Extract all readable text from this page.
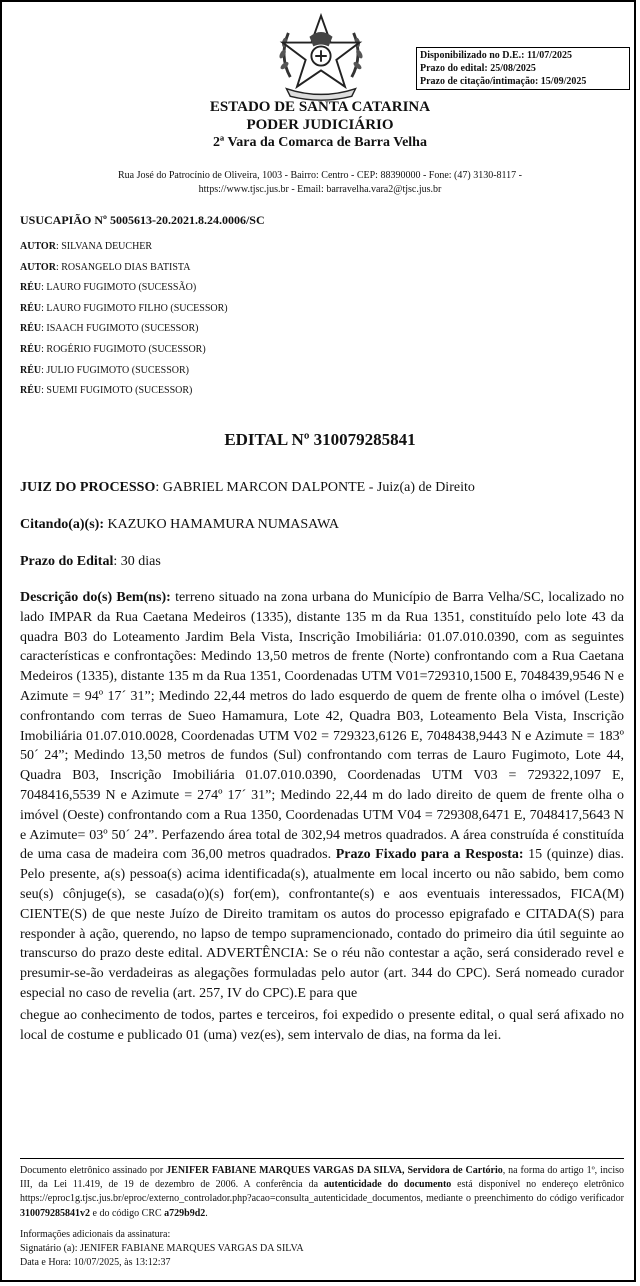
Disponibilizado no D.E.: 11/07/2025
Prazo do edital: 25/08/2025
Prazo de citação/intimação: 15/09/2025
ESTADO DE SANTA CATARINA
PODER JUDICIÁRIO
2ª Vara da Comarca de Barra Velha
Rua José do Patrocínio de Oliveira, 1003 - Bairro: Centro - CEP: 88390000 - Fone: (47) 3130-8117 -
https://www.tjsc.jus.br - Email: barravelha.vara2@tjsc.jus.br
USUCAPIÃO Nº 5005613-20.2021.8.24.0006/SC
AUTOR: SILVANA DEUCHER
AUTOR: ROSANGELO DIAS BATISTA
RÉU: LAURO FUGIMOTO (SUCESSÃO)
RÉU: LAURO FUGIMOTO FILHO (SUCESSOR)
RÉU: ISAACH FUGIMOTO (SUCESSOR)
RÉU: ROGÉRIO FUGIMOTO (SUCESSOR)
RÉU: JULIO FUGIMOTO (SUCESSOR)
RÉU: SUEMI FUGIMOTO (SUCESSOR)
EDITAL Nº 310079285841
JUIZ DO PROCESSO: GABRIEL MARCON DALPONTE - Juiz(a) de Direito
Citando(a)(s): KAZUKO HAMAMURA NUMASAWA
Prazo do Edital: 30 dias

Descrição do(s) Bem(ns): terreno situado na zona urbana do Município de Barra Velha/SC, localizado no lado IMPAR da Rua Caetana Medeiros (1335), distante 135 m da Rua 1351, constituído pelo lote 43 da quadra B03 do Loteamento Jardim Bela Vista, Inscrição Imobiliária: 01.07.010.0390, com as seguintes características e confrontações: Medindo 13,50 metros de frente (Norte) confrontando com a Rua Caetana Medeiros (1335), distante 135 m da Rua 1351, Coordenadas UTM V01=729310,1500 E, 7048439,9546 N e Azimute = 94º 17´ 31”; Medindo 22,44 metros do lado esquerdo de quem de frente olha o imóvel (Leste) confrontando com terras de Sueo Hamamura, Lote 42, Quadra B03, Loteamento Bela Vista, Inscrição Imobiliária 01.07.010.0028, Coordenadas UTM V02 = 729323,6126 E, 7048438,9443 N e Azimute = 183º 50´ 24”; Medindo 13,50 metros de fundos (Sul) confrontando com terras de Lauro Fugimoto, Lote 44, Quadra B03, Inscrição Imobiliária 01.07.010.0390, Coordenadas UTM V03 = 729322,1097 E, 7048416,5539 N e Azimute = 274º 17´ 31”; Medindo 22,44 m do lado direito de quem de frente olha o imóvel (Oeste) confrontando com a Rua 1350, Coordenadas UTM V04 = 729308,6471 E, 7048417,5643 N e Azimute= 03º 50´ 24”. Perfazendo área total de 302,94 metros quadrados. A área construída é constituída de uma casa de madeira com 36,00 metros quadrados. Prazo Fixado para a Resposta: 15 (quinze) dias. Pelo presente, a(s) pessoa(s) acima identificada(s), atualmente em local incerto ou não sabido, bem como seu(s) cônjuge(s), se casada(o)(s) for(em), confrontante(s) e aos eventuais interessados, FICA(M) CIENTE(S) de que neste Juízo de Direito tramitam os autos do processo epigrafado e CITADA(S) para responder à ação, querendo, no lapso de tempo supramencionado, contado do primeiro dia útil seguinte ao transcurso do prazo deste edital. ADVERTÊNCIA: Se o réu não contestar a ação, será considerado revel e presumir-se-ão verdadeiras as alegações formuladas pelo autor (art. 344 do CPC). Será nomeado curador especial no caso de revelia (art. 257, IV do CPC).E para que

chegue ao conhecimento de todos, partes e terceiros, foi expedido o presente edital, o qual será afixado no local de costume e publicado 01 (uma) vez(es), sem intervalo de dias, na forma da lei.

Documento eletrônico assinado por JENIFER FABIANE MARQUES VARGAS DA SILVA, Servidora de Cartório, na forma do artigo 1º, inciso III, da Lei 11.419, de 19 de dezembro de 2006. A conferência da autenticidade do documento está disponível no endereço eletrônico https://eproc1g.tjsc.jus.br/eproc/externo_controlador.php?acao=consulta_autenticidade_documentos, mediante o preenchimento do código verificador 310079285841v2 e do código CRC a729b9d2.
Informações adicionais da assinatura:
Signatário (a): JENIFER FABIANE MARQUES VARGAS DA SILVA
Data e Hora: 10/07/2025, às 13:12:37
